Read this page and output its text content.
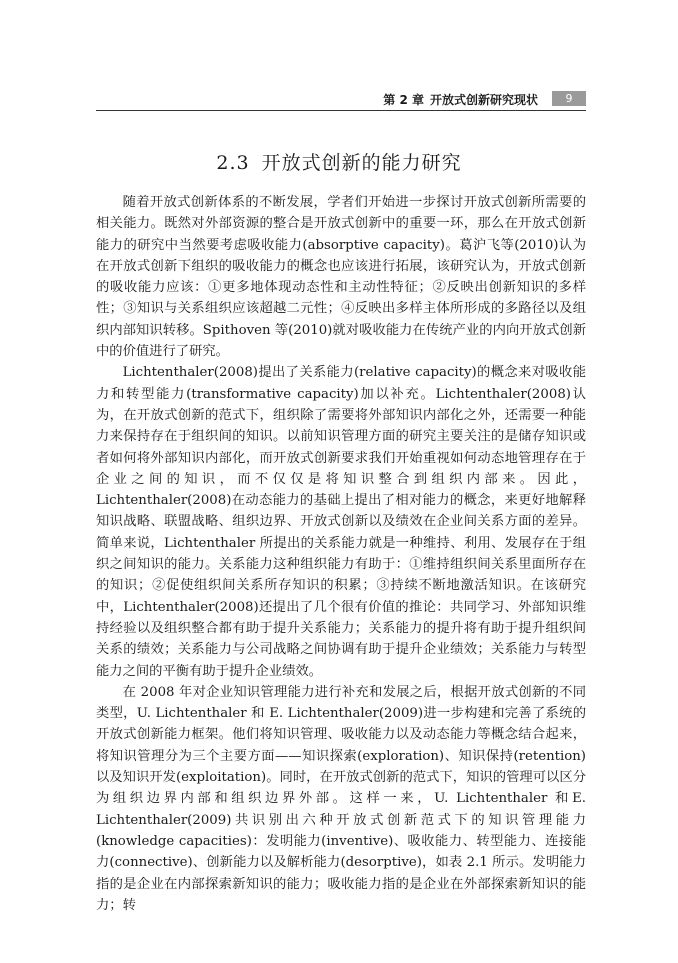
第 2 章 开放式创新研究现状	9
2.3 开放式创新的能力研究

随着开放式创新体系的不断发展，学者们开始进一步探讨开放式创新所需要的相关能力。既然对外部资源的整合是开放式创新中的重要一环，那么在开放式创新能力的研究中当然要考虑吸收能力(absorptive capacity)。葛沪飞等(2010)认为在开放式创新下组织的吸收能力的概念也应该进行拓展，该研究认为，开放式创新的吸收能力应该：①更多地体现动态性和主动性特征；②反映出创新知识的多样性；③知识与关系组织应该超越二元性；④反映出多样主体所形成的多路径以及组织内部知识转移。Spithoven 等(2010)就对吸收能力在传统产业的内向开放式创新中的价值进行了研究。

Lichtenthaler(2008)提出了关系能力(relative capacity)的概念来对吸收能力和转型能力(transformative capacity)加以补充。Lichtenthaler(2008)认为，在开放式创新的范式下，组织除了需要将外部知识内部化之外，还需要一种能力来保持存在于组织间的知识。以前知识管理方面的研究主要关注的是储存知识或者如何将外部知识内部化，而开放式创新要求我们开始重视如何动态地管理存在于企业之间的知识，而不仅仅是将知识整合到组织内部来。因此，Lichtenthaler(2008)在动态能力的基础上提出了相对能力的概念，来更好地解释知识战略、联盟战略、组织边界、开放式创新以及绩效在企业间关系方面的差异。简单来说，Lichtenthaler 所提出的关系能力就是一种维持、利用、发展存在于组织之间知识的能力。关系能力这种组织能力有助于：①维持组织间关系里面所存在的知识；②促使组织间关系所存知识的积累；③持续不断地激活知识。在该研究中，Lichtenthaler(2008)还提出了几个很有价值的推论：共同学习、外部知识维持经验以及组织整合都有助于提升关系能力；关系能力的提升将有助于提升组织间关系的绩效；关系能力与公司战略之间协调有助于提升企业绩效；关系能力与转型能力之间的平衡有助于提升企业绩效。

在 2008 年对企业知识管理能力进行补充和发展之后，根据开放式创新的不同类型，U. Lichtenthaler 和 E. Lichtenthaler(2009)进一步构建和完善了系统的开放式创新能力框架。他们将知识管理、吸收能力以及动态能力等概念结合起来，将知识管理分为三个主要方面——知识探索(exploration)、知识保持(retention)以及知识开发(exploitation)。同时，在开放式创新的范式下，知识的管理可以区分为组织边界内部和组织边界外部。这样一来，U. Lichtenthaler 和E. Lichtenthaler(2009)共识别出六种开放式创新范式下的知识管理能力(knowledge capacities)：发明能力(inventive)、吸收能力、转型能力、连接能力(connective)、创新能力以及解析能力(desorptive)，如表 2.1 所示。发明能力指的是企业在内部探索新知识的能力；吸收能力指的是企业在外部探索新知识的能力；转
